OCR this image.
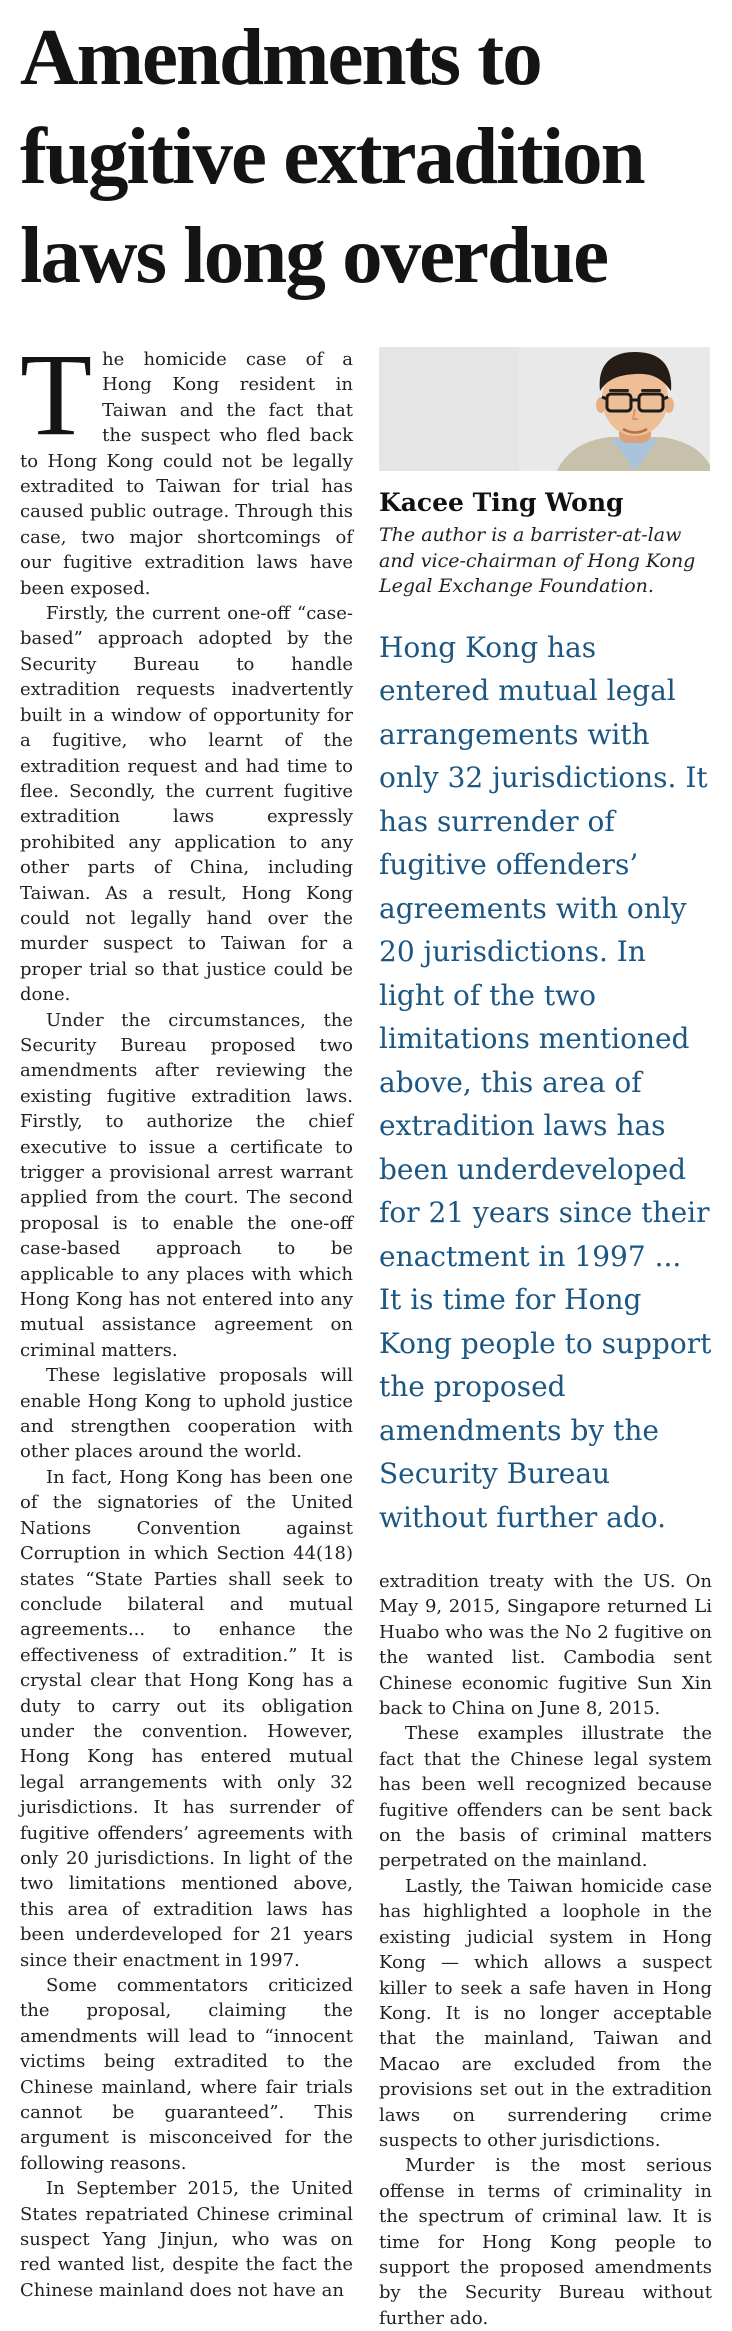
Amendments to fugitive extradition laws long overdue

The homicide case of a Hong Kong resident in Taiwan and the fact that the suspect who fled back to Hong Kong could not be legally extradited to Taiwan for trial has caused public outrage. Through this case, two major shortcomings of our fugitive extradition laws have been exposed.

Firstly, the current one-off “case-based” approach adopted by the Security Bureau to handle extradition requests inadvertently built in a window of opportunity for a fugitive, who learnt of the extradition request and had time to flee. Secondly, the current fugitive extradition laws expressly prohibited any application to any other parts of China, including Taiwan. As a result, Hong Kong could not legally hand over the murder suspect to Taiwan for a proper trial so that justice could be done.

Under the circumstances, the Security Bureau proposed two amendments after reviewing the existing fugitive extradition laws. Firstly, to authorize the chief executive to issue a certificate to trigger a provisional arrest warrant applied from the court. The second proposal is to enable the one-off case-based approach to be applicable to any places with which Hong Kong has not entered into any mutual assistance agreement on criminal matters.

These legislative proposals will enable Hong Kong to uphold justice and strengthen cooperation with other places around the world.

In fact, Hong Kong has been one of the signatories of the United Nations Convention against Corruption in which Section 44(18) states “State Parties shall seek to conclude bilateral and mutual agreements... to enhance the effectiveness of extradition.” It is crystal clear that Hong Kong has a duty to carry out its obligation under the convention. However, Hong Kong has entered mutual legal arrangements with only 32 jurisdictions. It has surrender of fugitive offenders’ agreements with only 20 jurisdictions. In light of the two limitations mentioned above, this area of extradition laws has been underdeveloped for 21 years since their enactment in 1997.

Some commentators criticized the proposal, claiming the amendments will lead to “innocent victims being extradited to the Chinese mainland, where fair trials cannot be guaranteed”. This argument is misconceived for the following reasons.

In September 2015, the United States repatriated Chinese criminal suspect Yang Jinjun, who was on red wanted list, despite the fact the Chinese mainland does not have an

Kacee Ting Wong
The author is a barrister-at-law and vice-chairman of Hong Kong Legal Exchange Foundation.
Hong Kong has entered mutual legal arrangements with only 32 jurisdictions. It has surrender of fugitive offenders’ agreements with only 20 jurisdictions. In light of the two limitations mentioned above, this area of extradition laws has been underdeveloped for 21 years since their enactment in 1997 ... It is time for Hong Kong people to support the proposed amendments by the Security Bureau without further ado.

extradition treaty with the US. On May 9, 2015, Singapore returned Li Huabo who was the No 2 fugitive on the wanted list. Cambodia sent Chinese economic fugitive Sun Xin back to China on June 8, 2015.

These examples illustrate the fact that the Chinese legal system has been well recognized because fugitive offenders can be sent back on the basis of criminal matters perpetrated on the mainland.

Lastly, the Taiwan homicide case has highlighted a loophole in the existing judicial system in Hong Kong — which allows a suspect killer to seek a safe haven in Hong Kong. It is no longer acceptable that the mainland, Taiwan and Macao are excluded from the provisions set out in the extradition laws on surrendering crime suspects to other jurisdictions.

Murder is the most serious offense in terms of criminality in the spectrum of criminal law. It is time for Hong Kong people to support the proposed amendments by the Security Bureau without further ado.
